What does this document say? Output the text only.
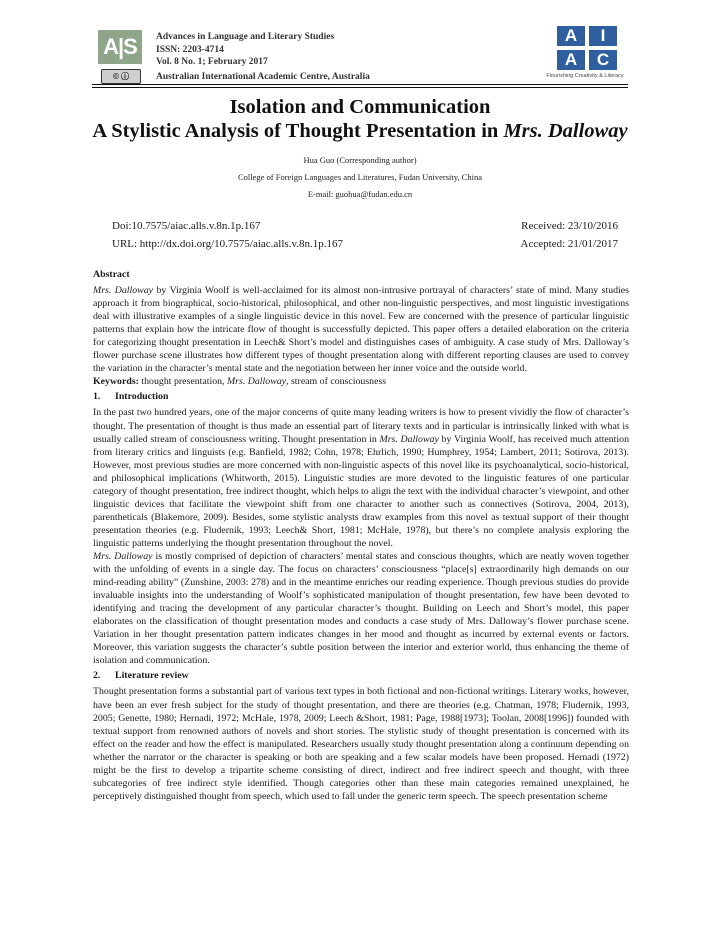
A|S
© ⓘ
Advances in Language and Literary Studies
ISSN: 2203-4714
Vol. 8 No. 1; February 2017
Australian International Academic Centre, Australia
A	I
A	C
Flourishing Creativity & Literacy
Isolation and Communication
A Stylistic Analysis of Thought Presentation in Mrs. Dalloway
Hua Guo (Corresponding author)
College of Foreign Languages and Literatures, Fudan University, China
E-mail: guohua@fudan.edu.cn
Doi:10.7575/aiac.alls.v.8n.1p.167
URL: http://dx.doi.org/10.7575/aiac.alls.v.8n.1p.167
Received: 23/10/2016
Accepted: 21/01/2017
Abstract

Mrs. Dalloway by Virginia Woolf is well-acclaimed for its almost non-intrusive portrayal of characters’ state of mind. Many studies approach it from biographical, socio-historical, philosophical, and other non-linguistic perspectives, and most linguistic investigations deal with illustrative examples of a single linguistic device in this novel. Few are concerned with the presence of particular linguistic patterns that explain how the intricate flow of thought is successfully depicted. This paper offers a detailed elaboration on the criteria for categorizing thought presentation in Leech& Short’s model and distinguishes cases of ambiguity. A case study of Mrs. Dalloway’s flower purchase scene illustrates how different types of thought presentation along with different reporting clauses are used to convey the variation in the character’s mental state and the negotiation between her inner voice and the outside world.

Keywords: thought presentation, Mrs. Dalloway, stream of consciousness

1. Introduction

In the past two hundred years, one of the major concerns of quite many leading writers is how to present vividly the flow of character’s thought. The presentation of thought is thus made an essential part of literary texts and in particular is intrinsically linked with what is usually called stream of consciousness writing. Thought presentation in Mrs. Dalloway by Virginia Woolf, has received much attention from literary critics and linguists (e.g. Banfield, 1982; Cohn, 1978; Ehrlich, 1990; Humphrey, 1954; Lambert, 2011; Sotirova, 2013). However, most previous studies are more concerned with non-linguistic aspects of this novel like its psychoanalytical, socio-historical, and philosophical implications (Whitworth, 2015). Linguistic studies are more devoted to the linguistic features of one particular category of thought presentation, free indirect thought, which helps to align the text with the individual character’s viewpoint, and other linguistic devices that facilitate the viewpoint shift from one character to another such as connectives (Sotirova, 2004, 2013), parentheticals (Blakemore, 2009). Besides, some stylistic analysts draw examples from this novel as textual support of their thought presentation theories (e.g. Fludernik, 1993; Leech& Short, 1981; McHale, 1978), but there’s no complete analysis exploring the linguistic patterns underlying the thought presentation throughout the novel.

Mrs. Dalloway is mostly comprised of depiction of characters’ mental states and conscious thoughts, which are neatly woven together with the unfolding of events in a single day. The focus on characters’ consciousness “place[s] extraordinarily high demands on our mind-reading ability” (Zunshine, 2003: 278) and in the meantime enriches our reading experience. Though previous studies do provide invaluable insights into the understanding of Woolf’s sophisticated manipulation of thought presentation, few have been devoted to identifying and tracing the development of any particular character’s thought. Building on Leech and Short’s model, this paper elaborates on the classification of thought presentation modes and conducts a case study of Mrs. Dalloway’s flower purchase scene. Variation in her thought presentation pattern indicates changes in her mood and thought as incurred by external events or factors. Moreover, this variation suggests the character’s subtle position between the interior and exterior world, thus enhancing the theme of isolation and communication.

2. Literature review

Thought presentation forms a substantial part of various text types in both fictional and non-fictional writings. Literary works, however, have been an ever fresh subject for the study of thought presentation, and there are theories (e.g. Chatman, 1978; Fludernik, 1993, 2005; Genette, 1980; Hernadi, 1972; McHale, 1978, 2009; Leech &Short, 1981; Page, 1988[1973]; Toolan, 2008[1996]) founded with textual support from renowned authors of novels and short stories. The stylistic study of thought presentation is concerned with its effect on the reader and how the effect is manipulated. Researchers usually study thought presentation along a continuum depending on whether the narrator or the character is speaking or both are speaking and a few scalar models have been proposed. Hernadi (1972) might be the first to develop a tripartite scheme consisting of direct, indirect and free indirect speech and thought, with three subcategories of free indirect style identified. Though categories other than these main categories remained unexplained, he perceptively distinguished thought from speech, which used to fall under the generic term speech. The speech presentation scheme
